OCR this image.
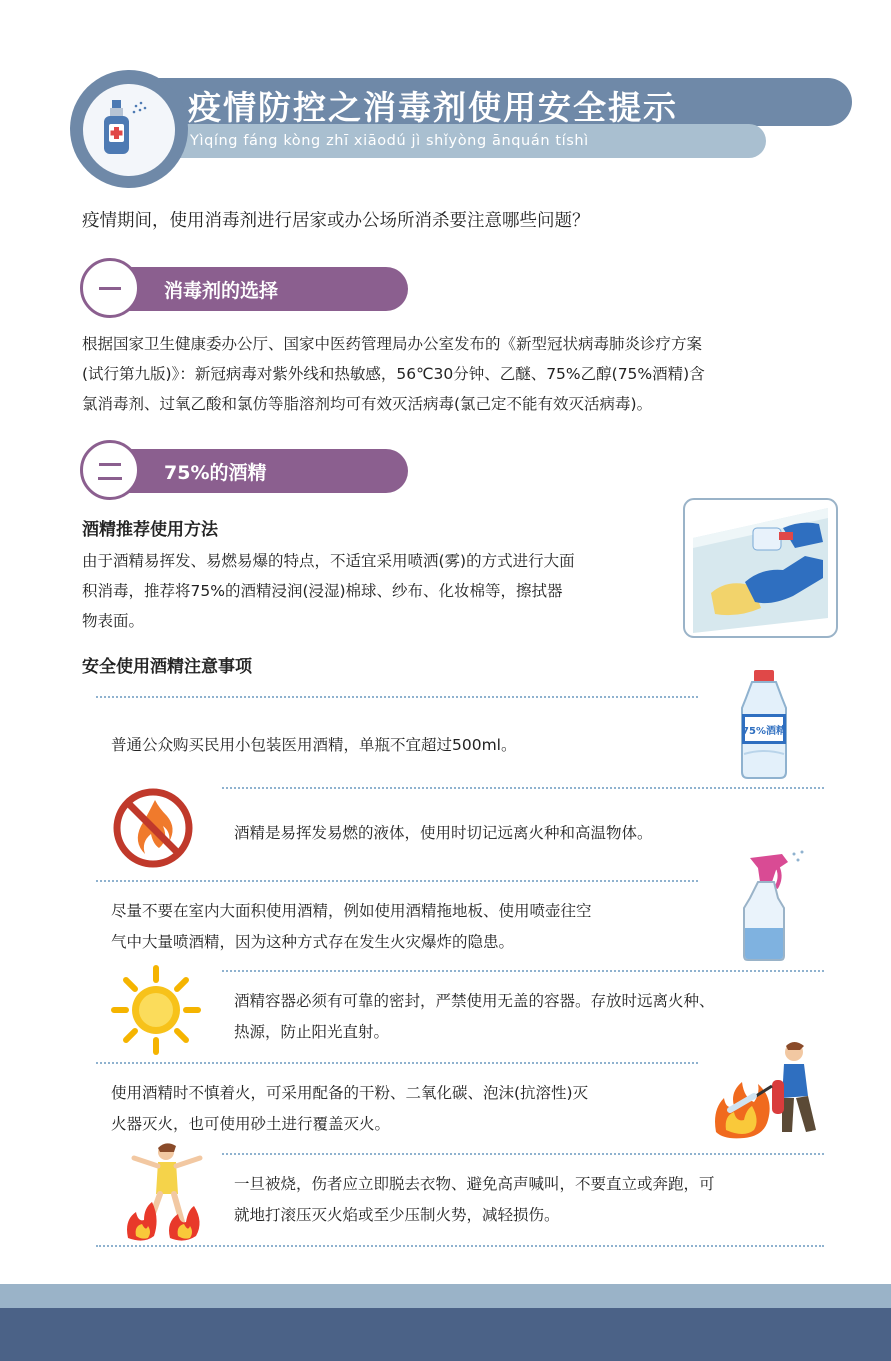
疫情防控之消毒剂使用安全提示
Yìqíng fáng kòng zhī xiāodú jì shǐyòng ānquán tíshì
疫情期间，使用消毒剂进行居家或办公场所消杀要注意哪些问题？
消毒剂的选择

根据国家卫生健康委办公厅、国家中医药管理局办公室发布的《新型冠状病毒肺炎诊疗方案

(试行第九版)》：新冠病毒对紫外线和热敏感，56℃30分钟、乙醚、75%乙醇(75%酒精)含

氯消毒剂、过氧乙酸和氯仿等脂溶剂均可有效灭活病毒(氯己定不能有效灭活病毒)。

75%的酒精
酒精推荐使用方法

由于酒精易挥发、易燃易爆的特点，不适宜采用喷洒(雾)的方式进行大面

积消毒，推荐将75%的酒精浸润(浸湿)棉球、纱布、化妆棉等，擦拭器

物表面。

安全使用酒精注意事项
75%酒精

普通公众购买民用小包装医用酒精，单瓶不宜超过500ml。

酒精是易挥发易燃的液体，使用时切记远离火种和高温物体。

尽量不要在室内大面积使用酒精，例如使用酒精拖地板、使用喷壶往空

气中大量喷酒精，因为这种方式存在发生火灾爆炸的隐患。

酒精容器必须有可靠的密封，严禁使用无盖的容器。存放时远离火种、

热源，防止阳光直射。

使用酒精时不慎着火，可采用配备的干粉、二氧化碳、泡沫(抗溶性)灭

火器灭火，也可使用砂土进行覆盖灭火。

一旦被烧，伤者应立即脱去衣物、避免高声喊叫，不要直立或奔跑，可

就地打滚压灭火焰或至少压制火势，减轻损伤。
